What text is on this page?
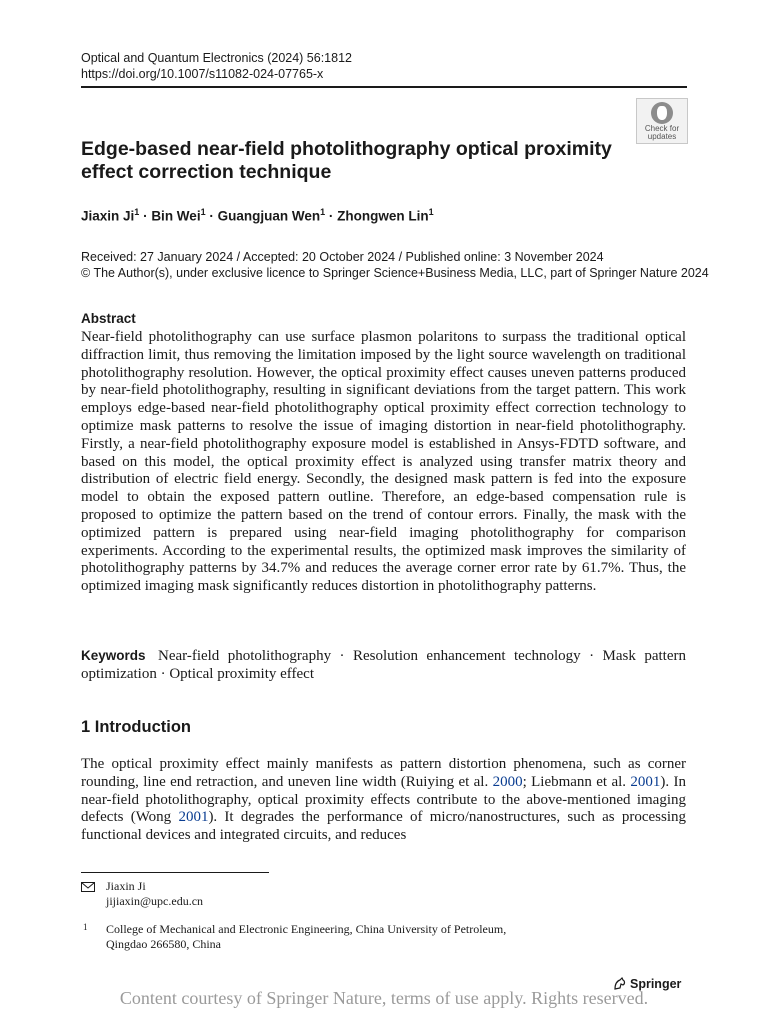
Optical and Quantum Electronics (2024) 56:1812
https://doi.org/10.1007/s11082-024-07765-x
Check for
updates
Edge-based near-field photolithography optical proximity effect correction technique
Jiaxin $Ji^1$ · Bin Wei$^1$ · Guangjuan Wen$^1$ · Zhongwen Lin$^1$
Received: 27 January 2024 / Accepted: 20 October 2024 / Published online: 3 November 2024
© The Author(s), under exclusive licence to Springer Science+Business Media, LLC, part of Springer Nature 2024
Abstract
Near-field photolithography can use surface plasmon polaritons to surpass the traditional optical diffraction limit, thus removing the limitation imposed by the light source wavelength on traditional photolithography resolution. However, the optical proximity effect causes uneven patterns produced by near-field photolithography, resulting in significant deviations from the target pattern. This work employs edge-based near-field photolithography optical proximity effect correction technology to optimize mask patterns to resolve the issue of imaging distortion in near-field photolithography. Firstly, a near-field photolithography exposure model is established in Ansys-FDTD software, and based on this model, the optical proximity effect is analyzed using transfer matrix theory and distribution of electric field energy. Secondly, the designed mask pattern is fed into the exposure model to obtain the exposed pattern outline. Therefore, an edge-based compensation rule is proposed to optimize the pattern based on the trend of contour errors. Finally, the mask with the optimized pattern is prepared using near-field imaging photolithography for comparison experiments. According to the experimental results, the optimized mask improves the similarity of photolithography patterns by 34.7% and reduces the average corner error rate by 61.7%. Thus, the optimized imaging mask significantly reduces distortion in photolithography patterns.
Keywords Near-field photolithography · Resolution enhancement technology · Mask pattern optimization · Optical proximity effect
1 Introduction
The optical proximity effect mainly manifests as pattern distortion phenomena, such as corner rounding, line end retraction, and uneven line width (Ruiying et al. 2000; Liebmann et al. 2001). In near-field photolithography, optical proximity effects contribute to the above-mentioned imaging defects (Wong 2001). It degrades the performance of micro/nanostructures, such as processing functional devices and integrated circuits, and reduces
Jiaxin Ji
jijiaxin@upc.edu.cn
1 College of Mechanical and Electronic Engineering, China University of Petroleum,
Qingdao 266580, China
Springer
Content courtesy of Springer Nature, terms of use apply. Rights reserved.
